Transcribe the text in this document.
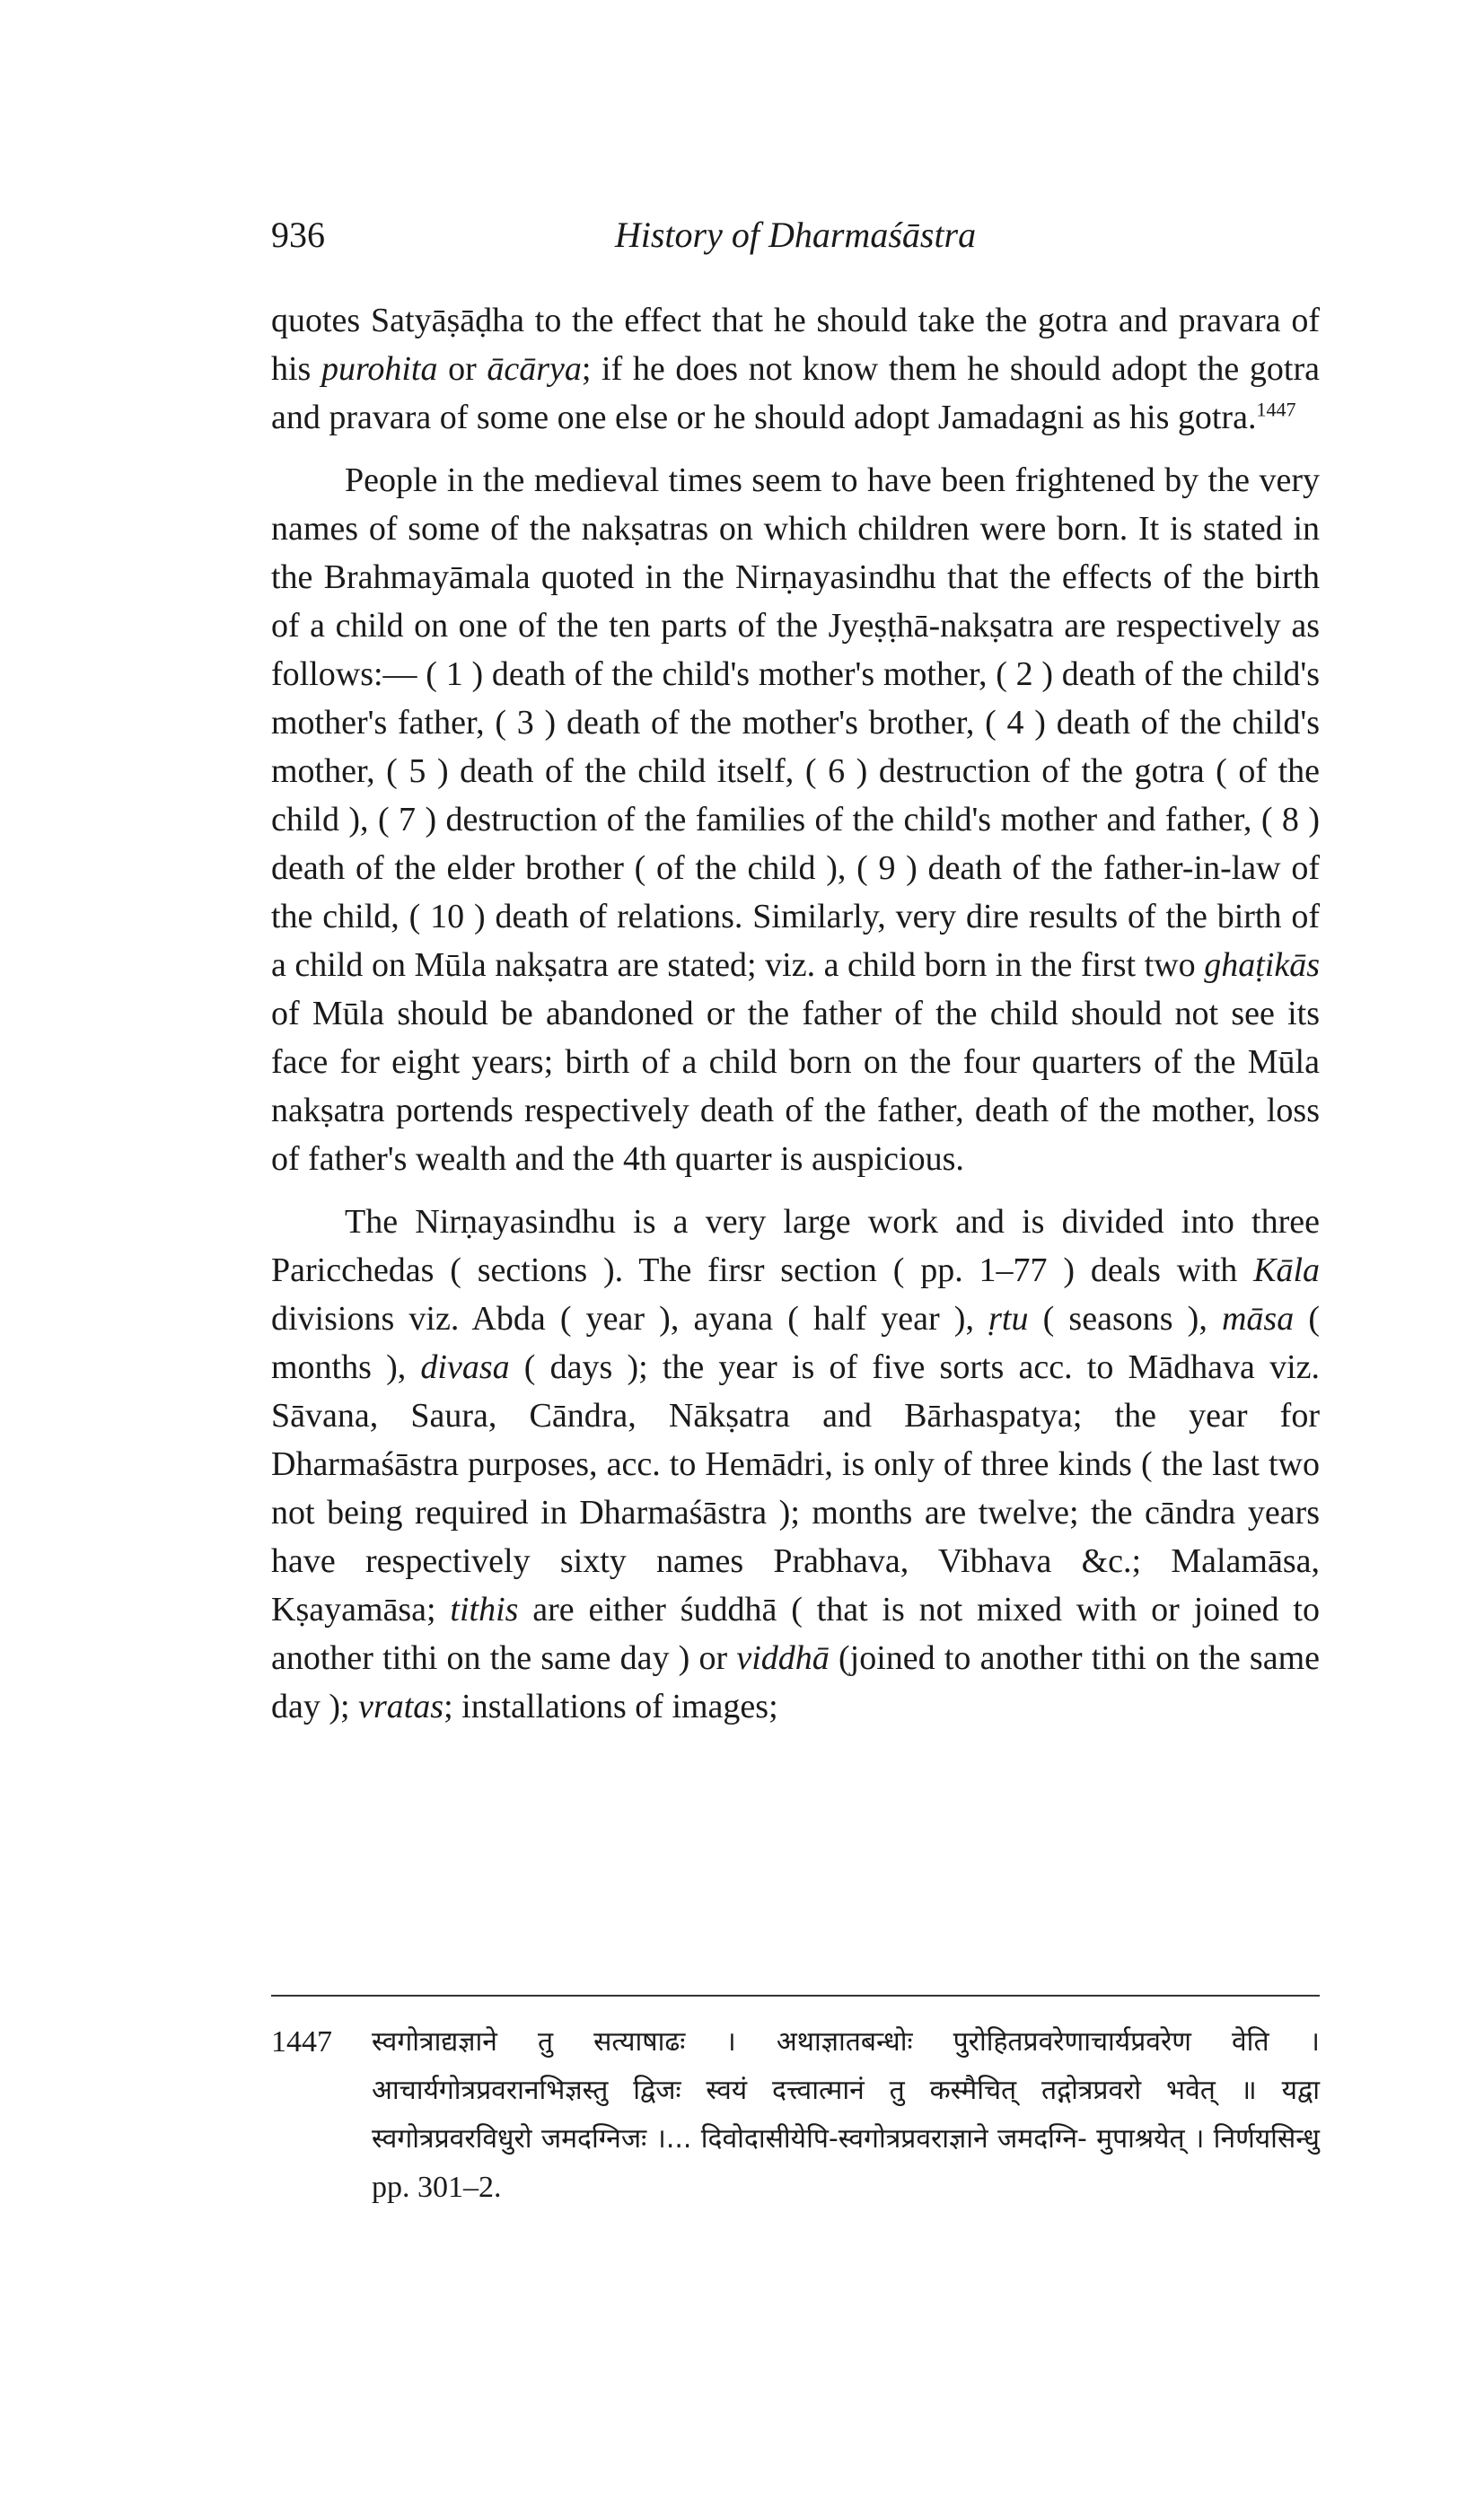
936	History of Dharmaśāstra

quotes Satyāṣāḍha to the effect that he should take the gotra and pravara of his purohita or ācārya; if he does not know them he should adopt the gotra and pravara of some one else or he should adopt Jamadagni as his gotra.$^{1447}$

People in the medieval times seem to have been frightened by the very names of some of the nakṣatras on which children were born. It is stated in the Brahmayāmala quoted in the Nirṇayasindhu that the effects of the birth of a child on one of the ten parts of the Jyeṣṭhā-nakṣatra are respectively as follows:— ( 1 ) death of the child's mother's mother, ( 2 ) death of the child's mother's father, ( 3 ) death of the mother's brother, ( 4 ) death of the child's mother, ( 5 ) death of the child itself, ( 6 ) destruction of the gotra ( of the child ), ( 7 ) destruction of the families of the child's mother and father, ( 8 ) death of the elder brother ( of the child ), ( 9 ) death of the father-in-law of the child, ( 10 ) death of relations. Similarly, very dire results of the birth of a child on Mūla nakṣatra are stated; viz. a child born in the first two ghaṭikās of Mūla should be abandoned or the father of the child should not see its face for eight years; birth of a child born on the four quarters of the Mūla nakṣatra portends respectively death of the father, death of the mother, loss of father's wealth and the 4th quarter is auspicious.

The Nirṇayasindhu is a very large work and is divided into three Paricchedas ( sections ). The firsr section ( pp. 1–77 ) deals with Kāla divisions viz. Abda ( year ), ayana ( half year ), ṛtu ( seasons ), māsa ( months ), divasa ( days ); the year is of five sorts acc. to Mādhava viz. Sāvana, Saura, Cāndra, Nākṣatra and Bārhaspatya; the year for Dharmaśāstra purposes, acc. to Hemādri, is only of three kinds ( the last two not being required in Dharmaśāstra ); months are twelve; the cāndra years have respectively sixty names Prabhava, Vibhava &c.; Malamāsa, Kṣayamāsa; tithis are either śuddhā ( that is not mixed with or joined to another tithi on the same day ) or viddhā (joined to another tithi on the same day ); vratas; installations of images;

1447 स्वगोत्राद्यज्ञाने तु सत्याषाढः । अथाज्ञातबन्धोः पुरोहितप्रवरेणाचार्यप्रवरेण वेति । आचार्यगोत्रप्रवरानभिज्ञस्तु द्विजः स्वयं दत्त्वात्मानं तु कस्मैचित् तद्गोत्रप्रवरो भवेत् ॥ यद्वा स्वगोत्रप्रवरविधुरो जमदग्निजः ।... दिवोदासीयेपि-स्वगोत्रप्रवराज्ञाने जमदग्नि- मुपाश्रयेत् । निर्णयसिन्धु pp. 301–2.
